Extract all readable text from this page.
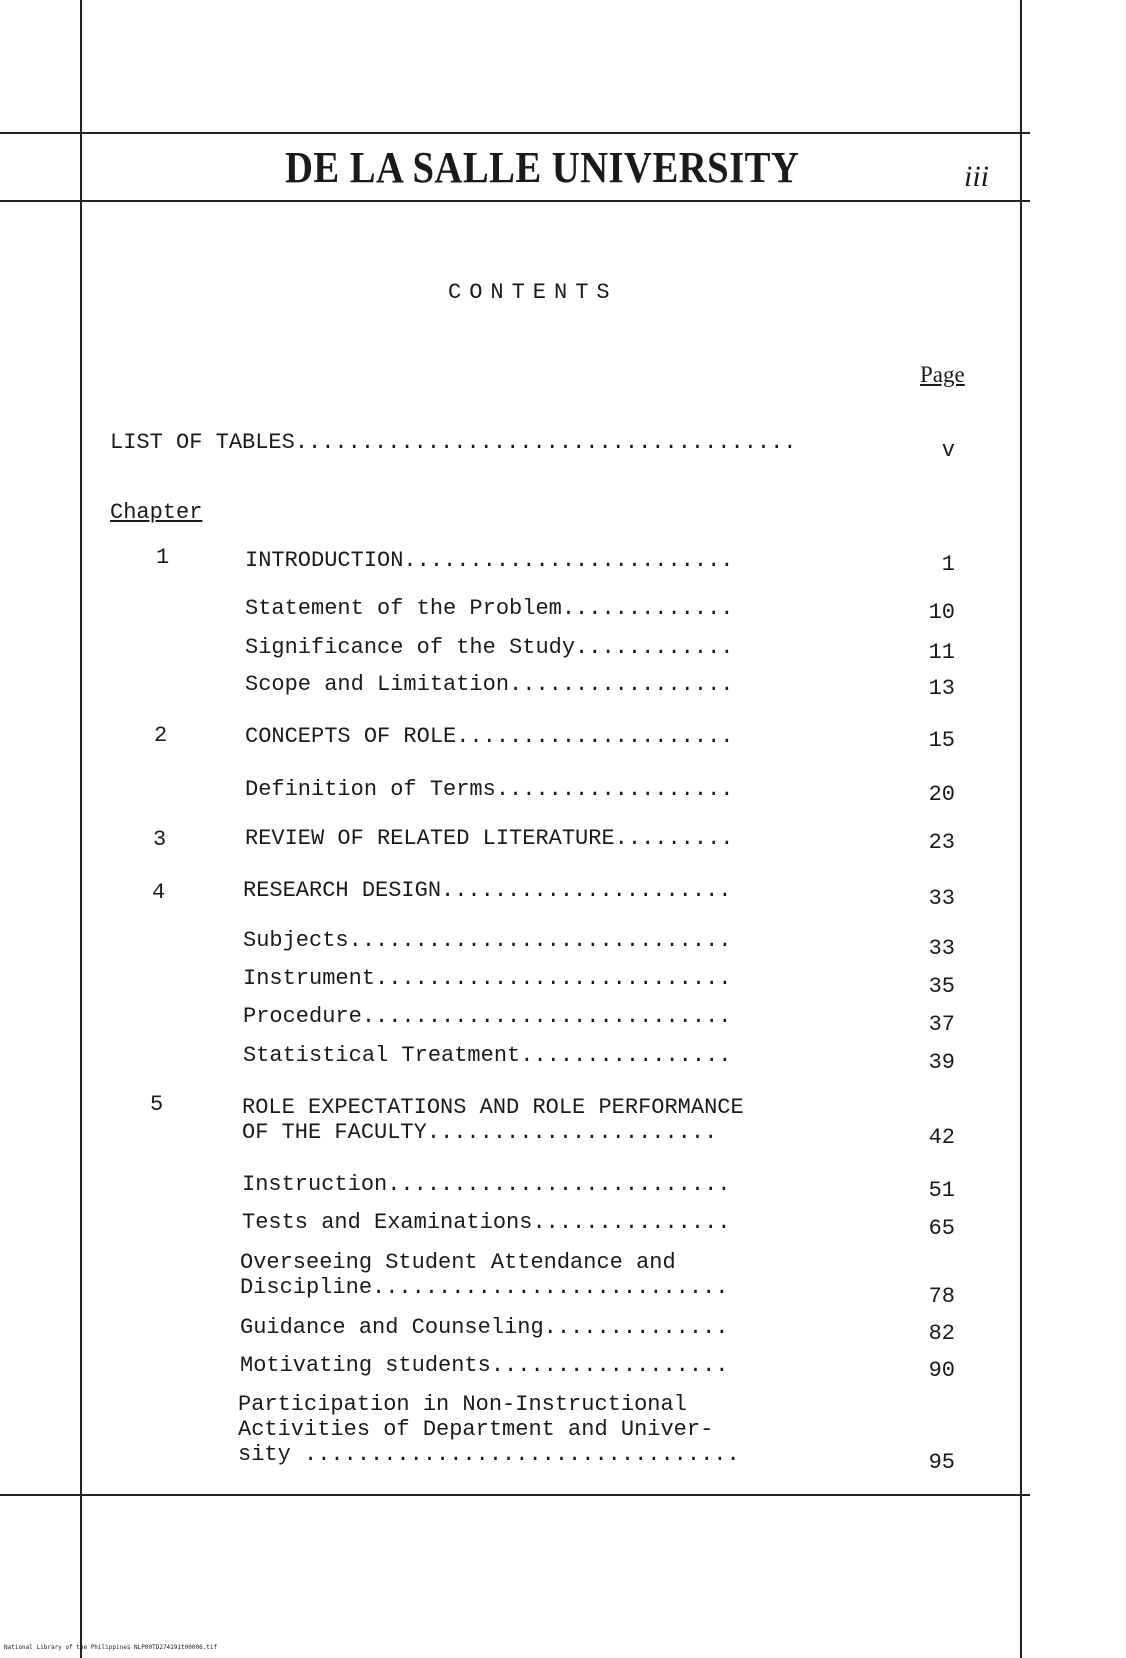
DE LA SALLE UNIVERSITY	iii
CONTENTS
Page
Chapter
LIST OF TABLES......................................	v
1	INTRODUCTION.........................	1
Statement of the Problem.............	10
Significance of the Study............	11
Scope and Limitation.................	13
2	CONCEPTS OF ROLE.....................	15
Definition of Terms..................	20
3	REVIEW OF RELATED LITERATURE.........	23
4	RESEARCH DESIGN......................	33
Subjects.............................	33
Instrument...........................	35
Procedure............................	37
Statistical Treatment................	39
5	ROLE EXPECTATIONS AND ROLE PERFORMANCE
OF THE FACULTY......................	42
Instruction..........................	51
Tests and Examinations...............	65
Overseeing Student Attendance and
Discipline...........................	78
Guidance and Counseling..............	82
Motivating students..................	90
Participation in Non-Instructional
Activities of Department and Univer-
sity .................................	95
National Library of the Philippines NLP00TD274191t00006.tif
